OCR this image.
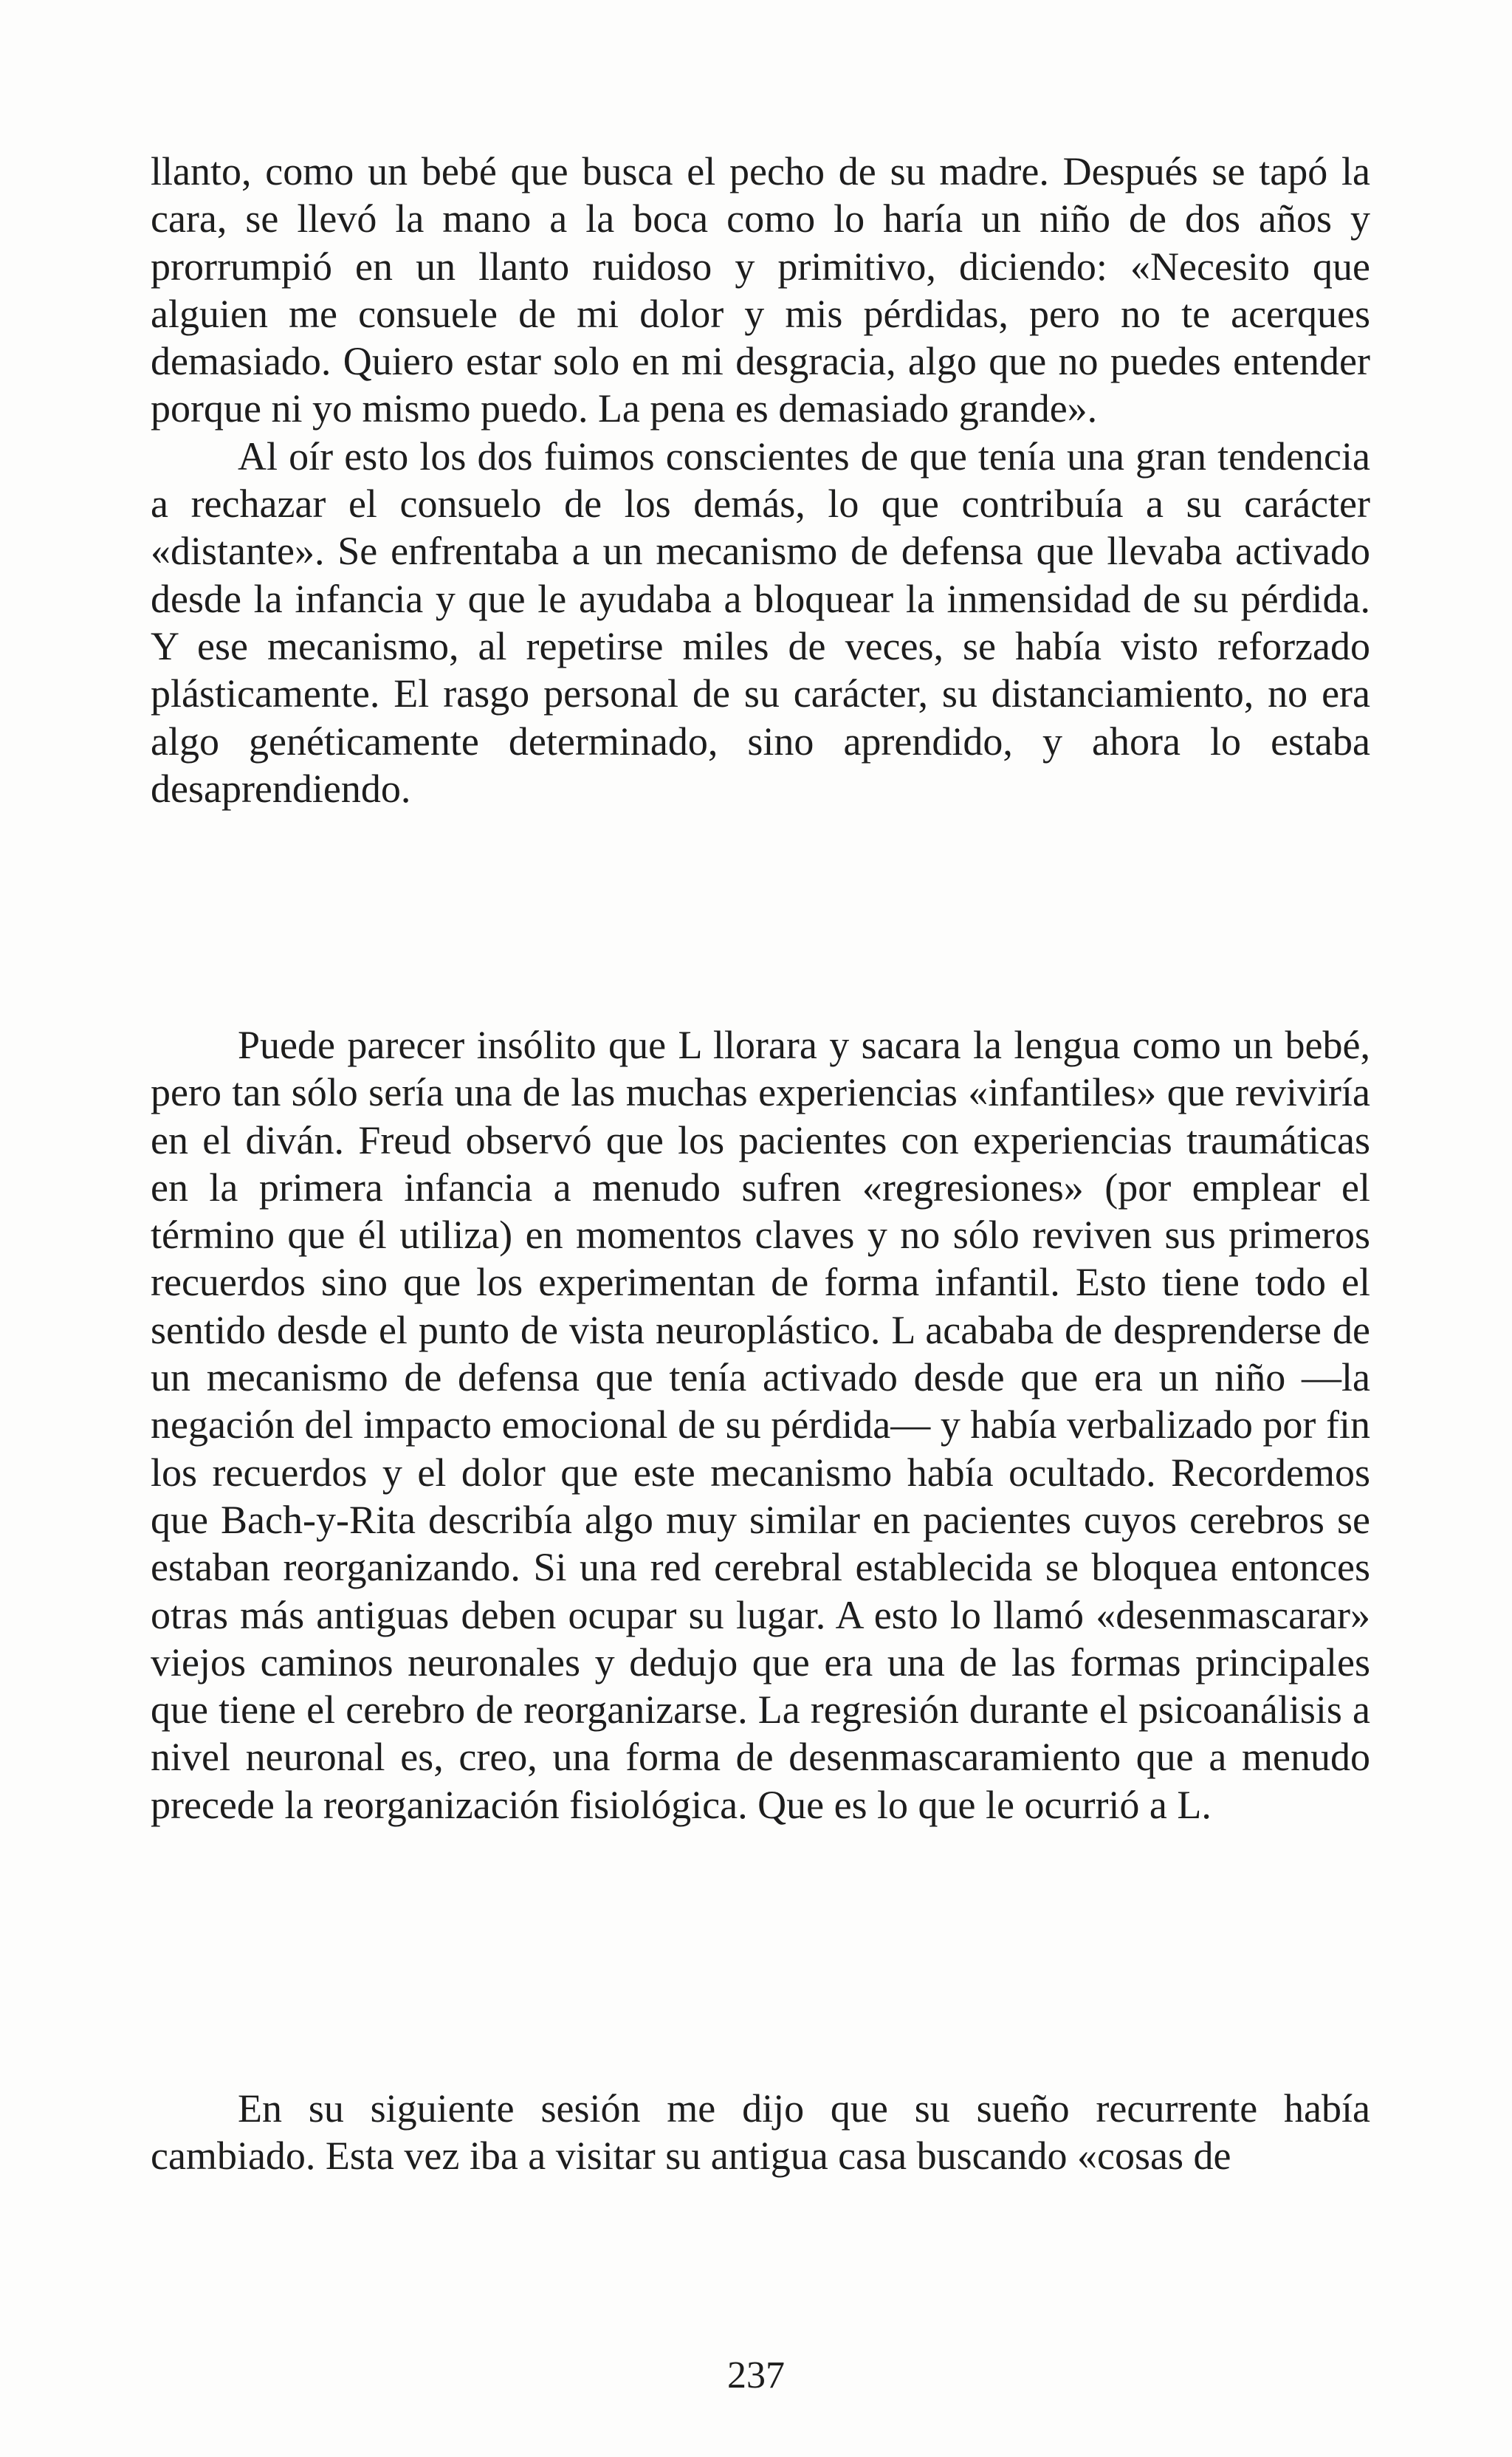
llanto, como un bebé que busca el pecho de su madre. Después se tapó la cara, se llevó la mano a la boca como lo haría un niño de dos años y prorrumpió en un llanto ruidoso y primitivo, diciendo: «Necesito que alguien me consuele de mi dolor y mis pérdidas, pero no te acerques demasiado. Quiero estar solo en mi desgracia, algo que no puedes entender porque ni yo mismo puedo. La pena es demasiado grande».

Al oír esto los dos fuimos conscientes de que tenía una gran tendencia a rechazar el consuelo de los demás, lo que contribuía a su carácter «distante». Se enfrentaba a un mecanismo de defensa que llevaba activado desde la infancia y que le ayudaba a bloquear la inmensidad de su pérdida. Y ese mecanismo, al repetirse miles de veces, se había visto reforzado plásticamente. El rasgo personal de su carácter, su distanciamiento, no era algo genéticamente determinado, sino aprendido, y ahora lo estaba desaprendiendo.

Puede parecer insólito que L llorara y sacara la lengua como un bebé, pero tan sólo sería una de las muchas experiencias «infantiles» que reviviría en el diván. Freud observó que los pacientes con experiencias traumáticas en la primera infancia a menudo sufren «regresiones» (por emplear el término que él utiliza) en momentos claves y no sólo reviven sus primeros recuerdos sino que los experimentan de forma infantil. Esto tiene todo el sentido desde el punto de vista neuroplástico. L acababa de desprenderse de un mecanismo de defensa que tenía activado desde que era un niño —la negación del impacto emocional de su pérdida— y había verbalizado por fin los recuerdos y el dolor que este mecanismo había ocultado. Recordemos que Bach-y-Rita describía algo muy similar en pacientes cuyos cerebros se estaban reorganizando. Si una red cerebral establecida se bloquea entonces otras más antiguas deben ocupar su lugar. A esto lo llamó «desenmascarar» viejos caminos neuronales y dedujo que era una de las formas principales que tiene el cerebro de reorganizarse. La regresión durante el psicoanálisis a nivel neuronal es, creo, una forma de desenmascaramiento que a menudo precede la reorganización fisiológica. Que es lo que le ocurrió a L.

En su siguiente sesión me dijo que su sueño recurrente había cambiado. Esta vez iba a visitar su antigua casa buscando «cosas de

237
